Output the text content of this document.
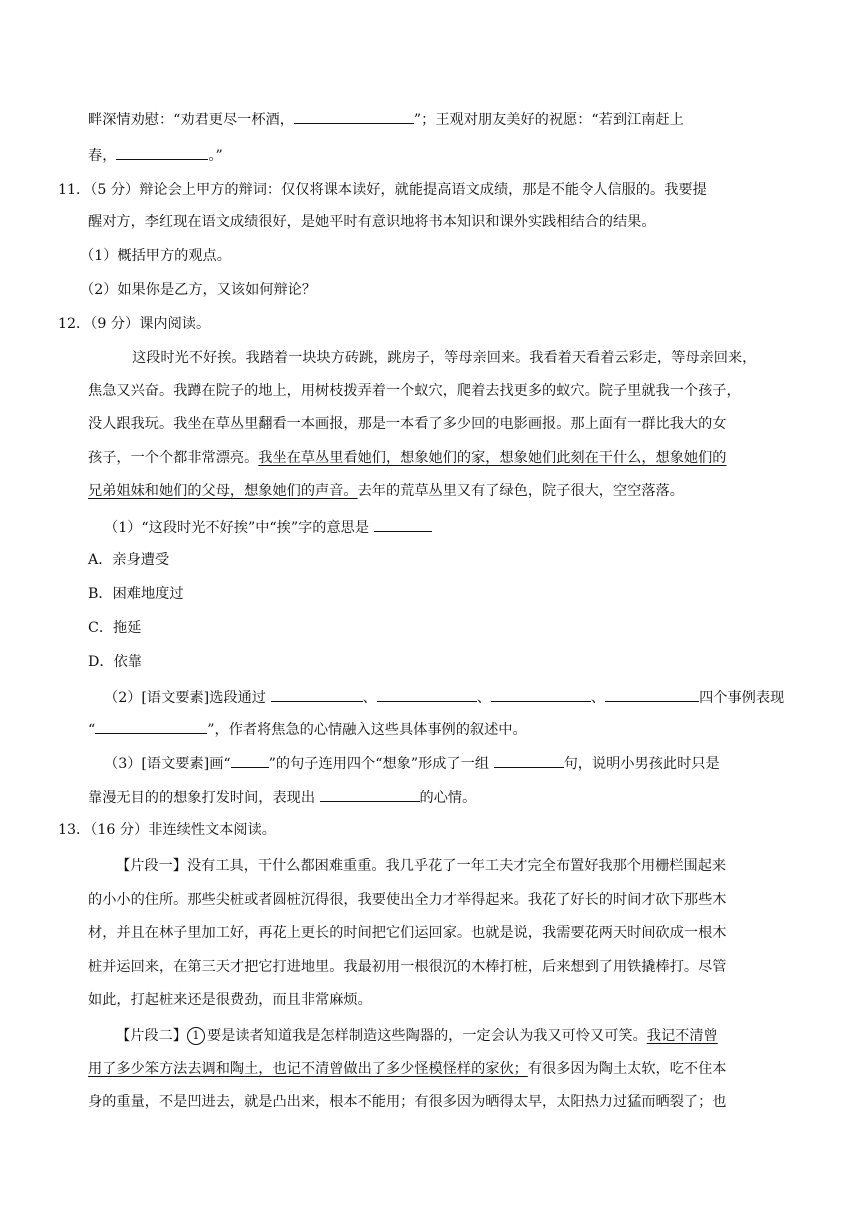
畔深情劝慰：“劝君更尽一杯酒，	”；王观对朋友美好的祝愿：“若到江南赶上
春，	。”
11．（5 分）辩论会上甲方的辩词：仅仅将课本读好，就能提高语文成绩，那是不能令人信服的。我要提
醒对方，李红现在语文成绩很好，是她平时有意识地将书本知识和课外实践相结合的结果。
（1）概括甲方的观点。
（2）如果你是乙方，又该如何辩论？
12．（9 分）课内阅读。
这段时光不好挨。我踏着一块块方砖跳，跳房子，等母亲回来。我看着天看着云彩走，等母亲回来，
焦急又兴奋。我蹲在院子的地上，用树枝拨弄着一个蚁穴，爬着去找更多的蚁穴。院子里就我一个孩子，
没人跟我玩。我坐在草丛里翻看一本画报，那是一本看了多少回的电影画报。那上面有一群比我大的女
孩子，一个个都非常漂亮。我坐在草丛里看她们，想象她们的家，想象她们此刻在干什么，想象她们的
兄弟姐妹和她们的父母，想象她们的声音。去年的荒草丛里又有了绿色，院子很大，空空落落。
（1）“这段时光不好挨”中“挨”字的意思是
A．亲身遭受
B．困难地度过
C．拖延
D．依靠
（2）[语文要素]选段通过	、	、	、	四个事例表现
“	”，作者将焦急的心情融入这些具体事例的叙述中。
（3）[语文要素]画“	”的句子连用四个“想象”形成了一组	句，说明小男孩此时只是
靠漫无目的的想象打发时间，表现出	的心情。
13．（16 分）非连续性文本阅读。
【片段一】没有工具，干什么都困难重重。我几乎花了一年工夫才完全布置好我那个用栅栏围起来
的小小的住所。那些尖桩或者圆桩沉得很，我要使出全力才举得起来。我花了好长的时间才砍下那些木
材，并且在林子里加工好，再花上更长的时间把它们运回家。也就是说，我需要花两天时间砍成一根木
桩并运回来，在第三天才把它打进地里。我最初用一根很沉的木棒打桩，后来想到了用铁撬棒打。尽管
如此，打起桩来还是很费劲，而且非常麻烦。
【片段二】 1 要是读者知道我是怎样制造这些陶器的，一定会认为我又可怜又可笑。我记不清曾
用了多少笨方法去调和陶土，也记不清曾做出了多少怪模怪样的家伙；有很多因为陶土太软，吃不住本
身的重量，不是凹进去，就是凸出来，根本不能用；有很多因为晒得太早，太阳热力过猛而晒裂了；也
